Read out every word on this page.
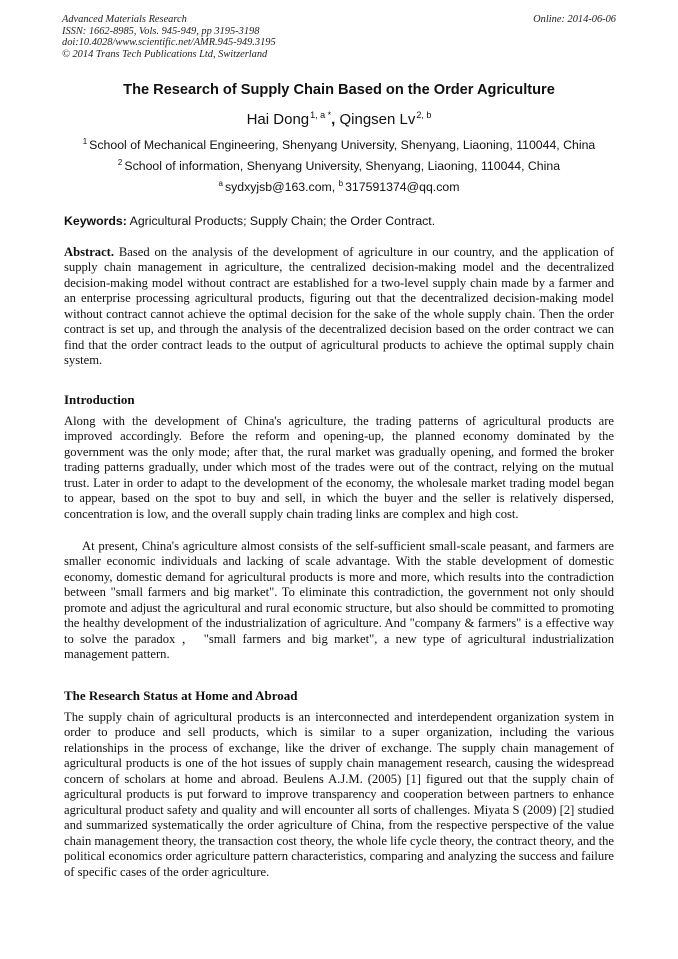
Advanced Materials Research
ISSN: 1662-8985, Vols. 945-949, pp 3195-3198
doi:10.4028/www.scientific.net/AMR.945-949.3195
© 2014 Trans Tech Publications Ltd, Switzerland
Online: 2014-06-06
The Research of Supply Chain Based on the Order Agriculture
Hai Dong$^{1, a *}$, Qingsen Lv$^{2, b}$
$^1$ School of Mechanical Engineering, Shenyang University, Shenyang, Liaoning, 110044, China
$^2$ School of information, Shenyang University, Shenyang, Liaoning, 110044, China
$^a$ sydxyjsb@163.com, $^b$ 317591374@qq.com
Keywords: Agricultural Products; Supply Chain; the Order Contract.

Abstract. Based on the analysis of the development of agriculture in our country, and the application of supply chain management in agriculture, the centralized decision-making model and the decentralized decision-making model without contract are established for a two-level supply chain made by a farmer and an enterprise processing agricultural products, figuring out that the decentralized decision-making model without contract cannot achieve the optimal decision for the sake of the whole supply chain. Then the order contract is set up, and through the analysis of the decentralized decision based on the order contract we can find that the order contract leads to the output of agricultural products to achieve the optimal supply chain system.

Introduction

Along with the development of China's agriculture, the trading patterns of agricultural products are improved accordingly. Before the reform and opening-up, the planned economy dominated by the government was the only mode; after that, the rural market was gradually opening, and formed the broker trading patterns gradually, under which most of the trades were out of the contract, relying on the mutual trust. Later in order to adapt to the development of the economy, the wholesale market trading model began to appear, based on the spot to buy and sell, in which the buyer and the seller is relatively dispersed, concentration is low, and the overall supply chain trading links are complex and high cost.

At present, China's agriculture almost consists of the self-sufficient small-scale peasant, and farmers are smaller economic individuals and lacking of scale advantage. With the stable development of domestic economy, domestic demand for agricultural products is more and more, which results into the contradiction between "small farmers and big market". To eliminate this contradiction, the government not only should promote and adjust the agricultural and rural economic structure, but also should be committed to promoting the healthy development of the industrialization of agriculture. And "company & farmers" is a effective way to solve the paradox ， "small farmers and big market", a new type of agricultural industrialization management pattern.

The Research Status at Home and Abroad

The supply chain of agricultural products is an interconnected and interdependent organization system in order to produce and sell products, which is similar to a super organization, including the various relationships in the process of exchange, like the driver of exchange. The supply chain management of agricultural products is one of the hot issues of supply chain management research, causing the widespread concern of scholars at home and abroad. Beulens A.J.M. (2005) [1] figured out that the supply chain of agricultural products is put forward to improve transparency and cooperation between partners to enhance agricultural product safety and quality and will encounter all sorts of challenges. Miyata S (2009) [2] studied and summarized systematically the order agriculture of China, from the respective perspective of the value chain management theory, the transaction cost theory, the whole life cycle theory, the contract theory, and the political economics order agriculture pattern characteristics, comparing and analyzing the success and failure of specific cases of the order agriculture.
